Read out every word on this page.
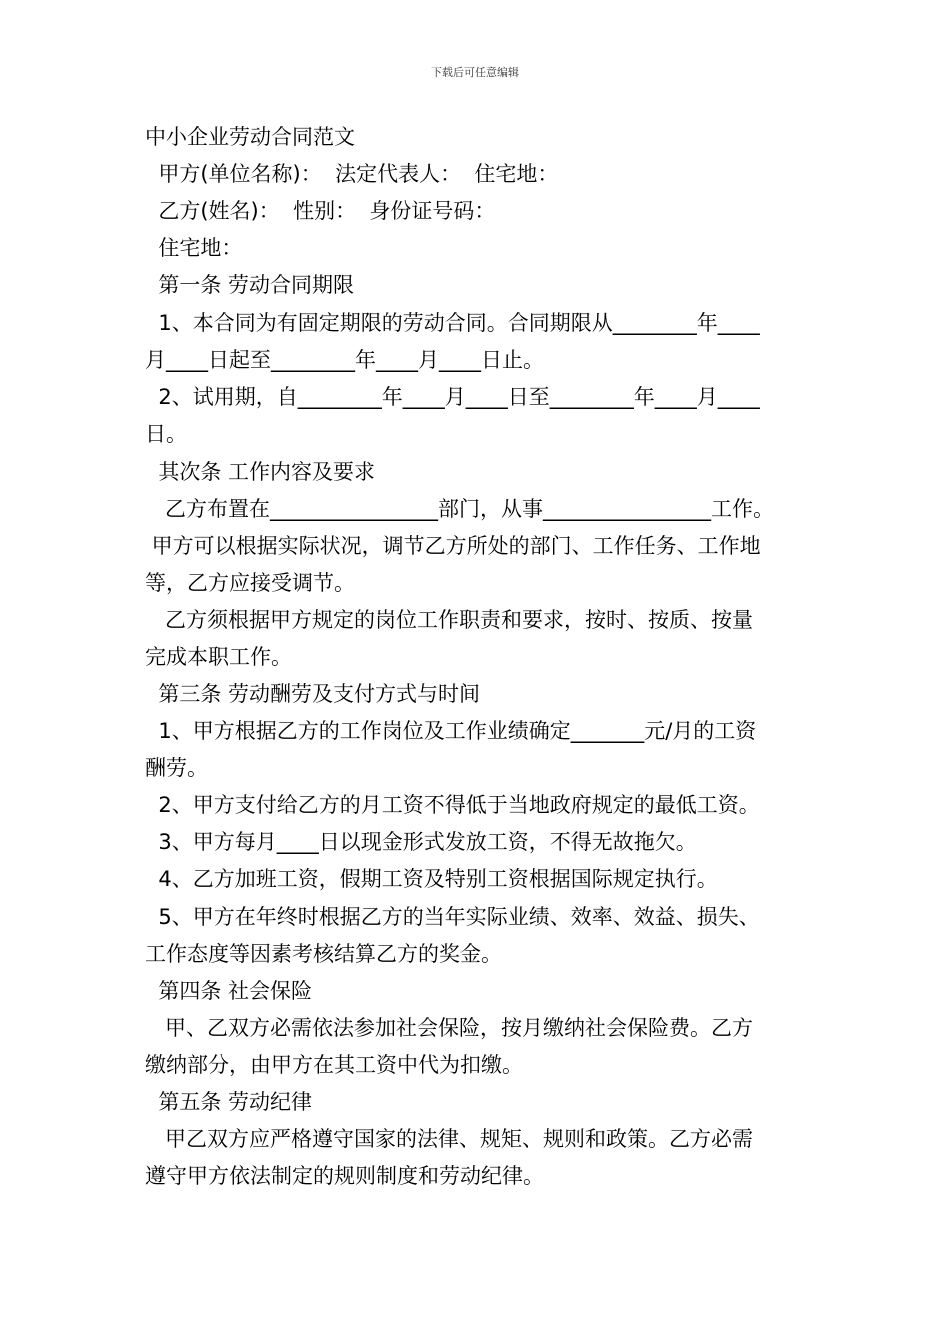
下载后可任意编辑
中小企业劳动合同范文
甲方(单位名称)：  法定代表人：  住宅地：
乙方(姓名)：  性别：  身份证号码：
住宅地：
第一条 劳动合同期限
1、本合同为有固定期限的劳动合同。合同期限从________年____
月____日起至________年____月____日止。
2、试用期，自________年____月____日至________年____月____
日。
其次条 工作内容及要求
乙方布置在________________部门，从事________________工作。
甲方可以根据实际状况，调节乙方所处的部门、工作任务、工作地
等，乙方应接受调节。
乙方须根据甲方规定的岗位工作职责和要求，按时、按质、按量
完成本职工作。
第三条 劳动酬劳及支付方式与时间
1、甲方根据乙方的工作岗位及工作业绩确定_______元/月的工资
酬劳。
2、甲方支付给乙方的月工资不得低于当地政府规定的最低工资。
3、甲方每月____日以现金形式发放工资，不得无故拖欠。
4、乙方加班工资，假期工资及特别工资根据国际规定执行。
5、甲方在年终时根据乙方的当年实际业绩、效率、效益、损失、
工作态度等因素考核结算乙方的奖金。
第四条 社会保险
甲、乙双方必需依法参加社会保险，按月缴纳社会保险费。乙方
缴纳部分，由甲方在其工资中代为扣缴。
第五条 劳动纪律
甲乙双方应严格遵守国家的法律、规矩、规则和政策。乙方必需
遵守甲方依法制定的规则制度和劳动纪律。
